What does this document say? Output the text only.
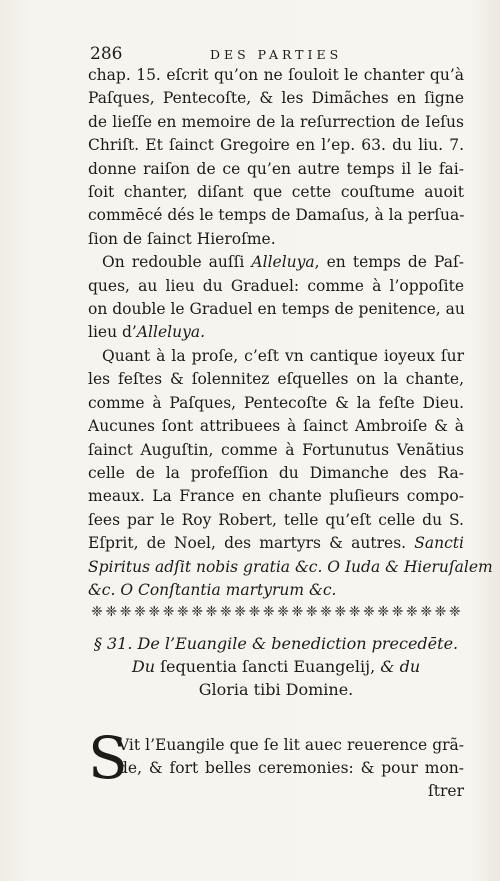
286	DES PARTIES
chap. 15. eſcrit qu’on ne ſouloit le chanter qu’à
Paſques, Pentecoſte, & les Dimãches en ſigne
de lieſſe en memoire de la reſurrection de Ieſus
Chriſt. Et ſainct Gregoire en l’ep. 63. du liu. 7.
donne raiſon de ce qu’en autre temps il le fai-
ſoit chanter, diſant que cette couſtume auoit
commēcé dés le temps de Damaſus, à la perſua-
ſion de ſainct Hieroſme.
On redouble auſſi Alleluya, en temps de Paſ-
ques, au lieu du Graduel: comme à l’oppoſite
on double le Graduel en temps de penitence, au
lieu d’Alleluya.
Quant à la proſe, c’eſt vn cantique ioyeux ſur
les feſtes & ſolennitez eſquelles on la chante,
comme à Paſques, Pentecoſte & la feſte Dieu.
Aucunes ſont attribuees à ſainct Ambroiſe & à
ſainct Auguſtin, comme à Fortunutus Venãtius
celle de la profeſſion du Dimanche des Ra-
meaux. La France en chante pluſieurs compo-
ſees par le Roy Robert, telle qu’eſt celle du S.
Eſprit, de Noel, des martyrs & autres. Sancti
Spiritus adſit nobis gratia &c. O Iuda & Hieruſalem
&c. O Conſtantia martyrum &c.
❈ ❈ ❈ ❈ ❈ ❈ ❈ ❈ ❈ ❈ ❈ ❈ ❈ ❈ ❈ ❈ ❈ ❈ ❈ ❈ ❈ ❈ ❈ ❈ ❈ ❈
§ 31. De l’Euangile & benediction precedēte.
Du ſequentia ſancti Euangelij, & du
Gloria tibi Domine.
S
Vit l’Euangile que ſe lit auec reuerence grã-
de, & fort belles ceremonies: & pour mon-
ſtrer
